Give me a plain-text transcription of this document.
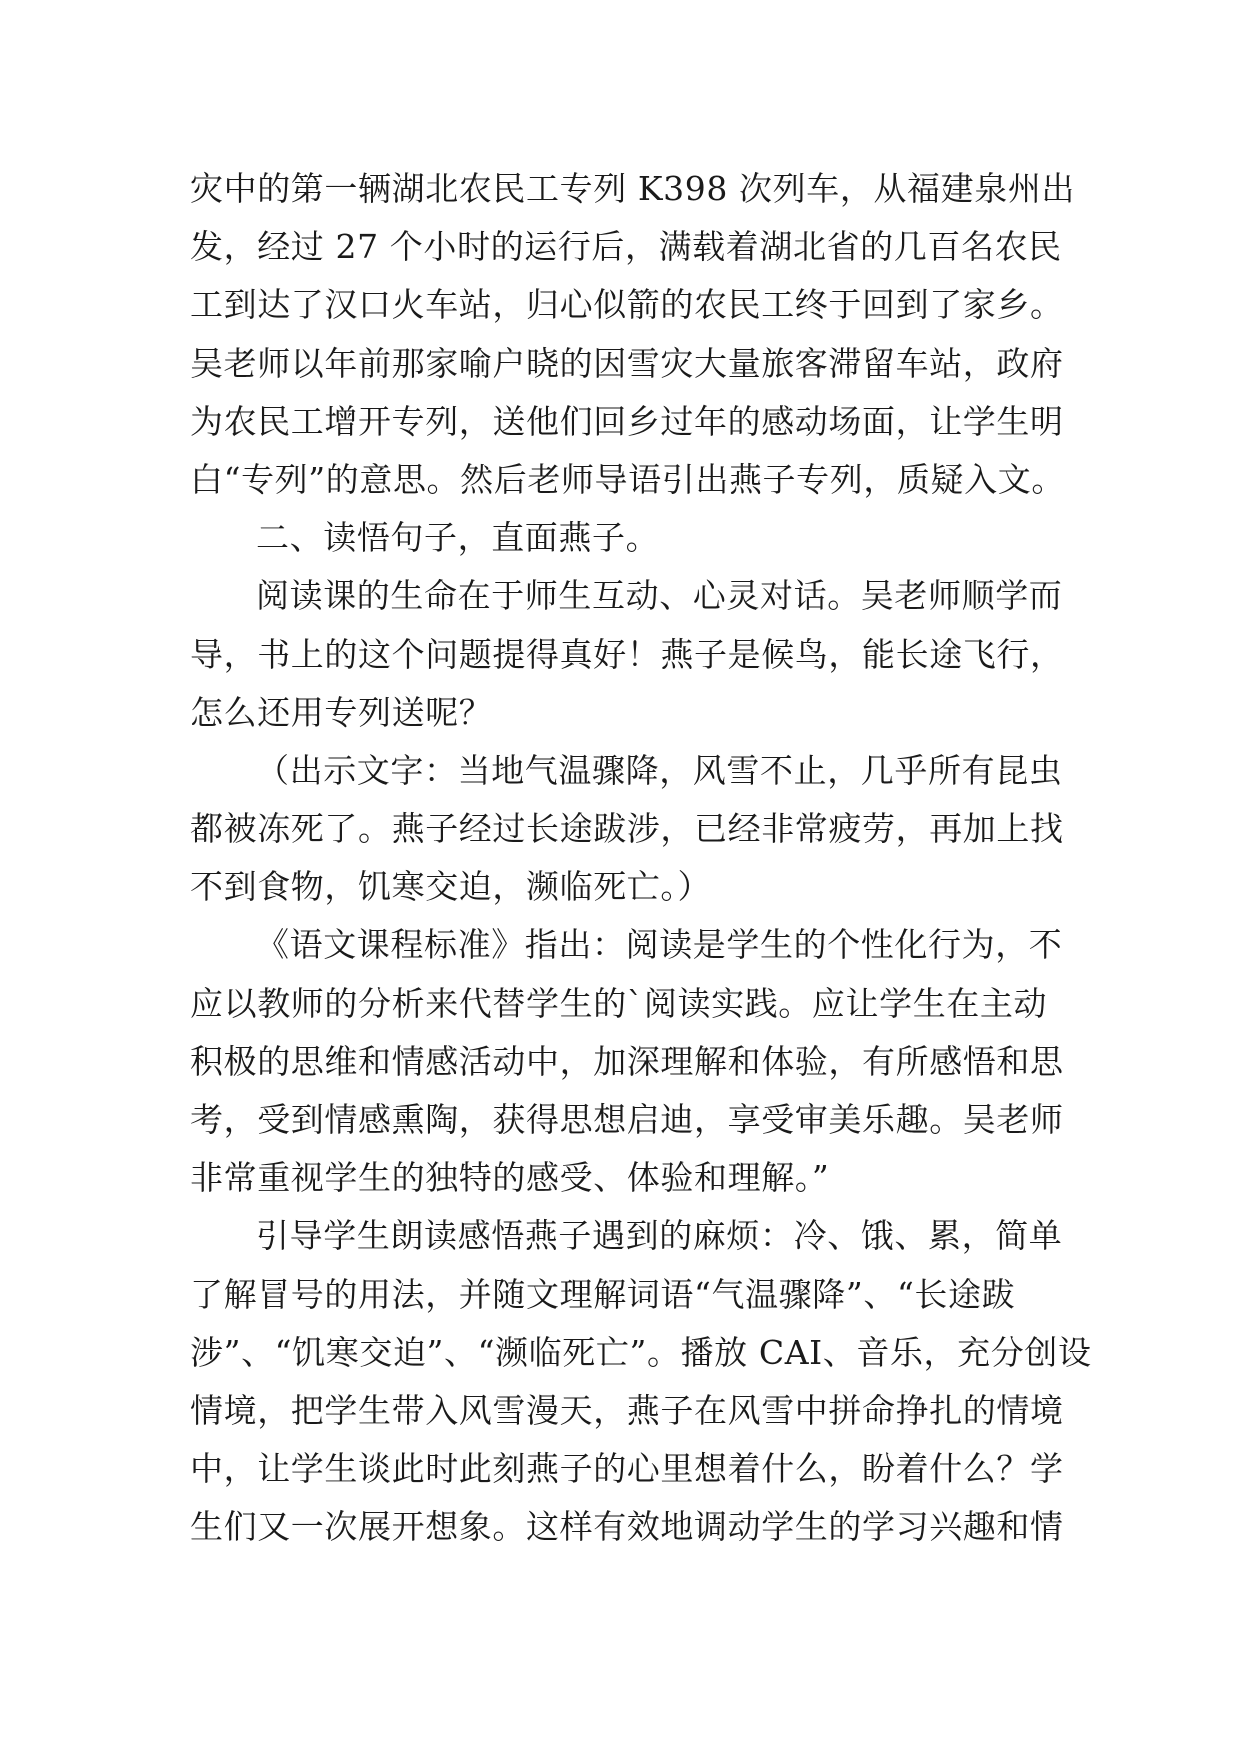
灾中的第一辆湖北农民工专列 K398 次列车，从福建泉州出
发，经过 27 个小时的运行后，满载着湖北省的几百名农民
工到达了汉口火车站，归心似箭的农民工终于回到了家乡。
吴老师以年前那家喻户晓的因雪灾大量旅客滞留车站，政府
为农民工增开专列，送他们回乡过年的感动场面，让学生明
白“专列”的意思。然后老师导语引出燕子专列，质疑入文。
二、读悟句子，直面燕子。
阅读课的生命在于师生互动、心灵对话。吴老师顺学而
导，书上的这个问题提得真好！燕子是候鸟，能长途飞行，
怎么还用专列送呢？
（出示文字：当地气温骤降，风雪不止，几乎所有昆虫
都被冻死了。燕子经过长途跋涉，已经非常疲劳，再加上找
不到食物，饥寒交迫，濒临死亡。）
《语文课程标准》指出：阅读是学生的个性化行为，不
应以教师的分析来代替学生的`阅读实践。应让学生在主动
积极的思维和情感活动中，加深理解和体验，有所感悟和思
考，受到情感熏陶，获得思想启迪，享受审美乐趣。吴老师
非常重视学生的独特的感受、体验和理解。”
引导学生朗读感悟燕子遇到的麻烦：冷、饿、累，简单
了解冒号的用法，并随文理解词语“气温骤降”、“长途跋
涉”、“饥寒交迫”、“濒临死亡”。播放 CAI、音乐，充分创设
情境，把学生带入风雪漫天，燕子在风雪中拼命挣扎的情境
中，让学生谈此时此刻燕子的心里想着什么，盼着什么？学
生们又一次展开想象。这样有效地调动学生的学习兴趣和情
